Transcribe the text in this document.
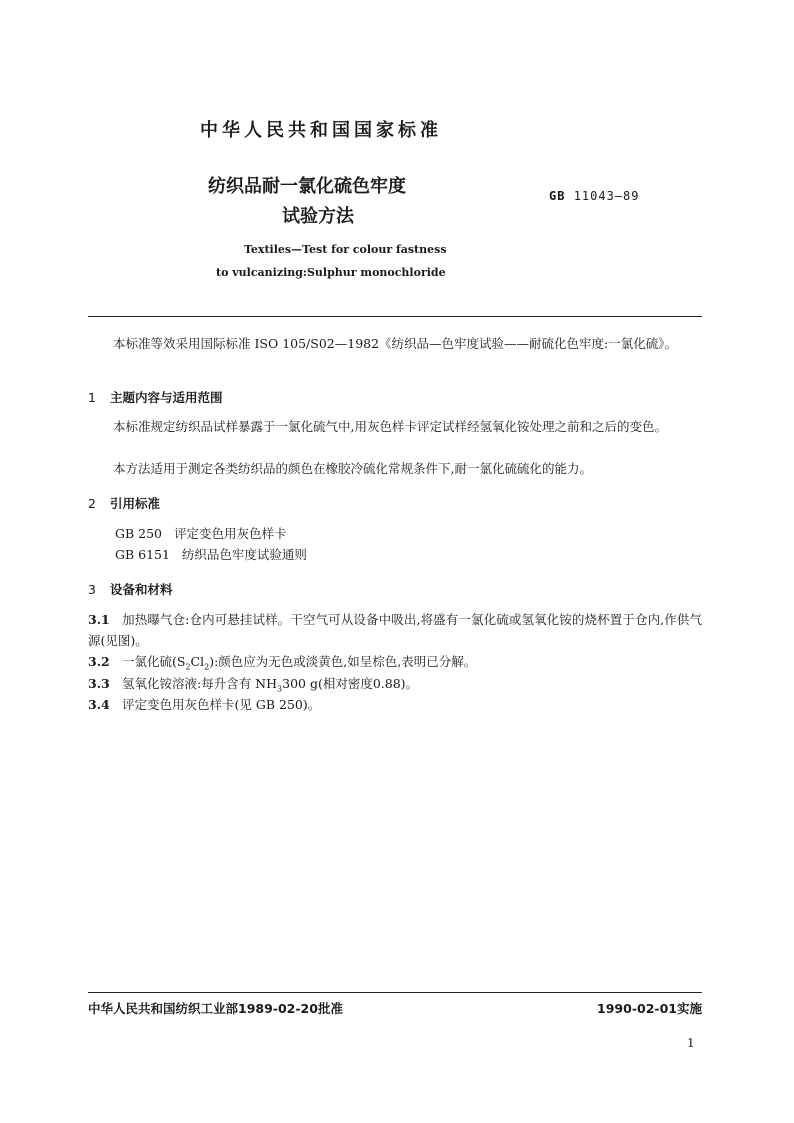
中华人民共和国国家标准
纺织品耐一氯化硫色牢度
试验方法
GB 11043—89
Textiles—Test for colour fastness
to vulcanizing:Sulphur monochloride
本标准等效采用国际标准 ISO 105/S02—1982《纺织品—色牢度试验——耐硫化色牢度:一氯化硫》。
1 主题内容与适用范围
本标准规定纺织品试样暴露于一氯化硫气中,用灰色样卡评定试样经氢氧化铵处理之前和之后的变色。
本方法适用于测定各类纺织品的颜色在橡胶冷硫化常规条件下,耐一氯化硫硫化的能力。
2 引用标准
GB 250 评定变色用灰色样卡
GB 6151 纺织品色牢度试验通则
3 设备和材料
3.1 加热曝气仓:仓内可悬挂试样。干空气可从设备中吸出,将盛有一氯化硫或氢氧化铵的烧杯置于仓内,作供气源(见图)。
3.2 一氯化硫$(S_2Cl_2)$:颜色应为无色或淡黄色,如呈棕色,表明已分解。
3.3 氢氧化铵溶液:每升含有 $NH_3300$ g(相对密度0.88)。
3.4 评定变色用灰色样卡(见 GB 250)。
中华人民共和国纺织工业部1989-02-20批准	1990-02-01实施
1
